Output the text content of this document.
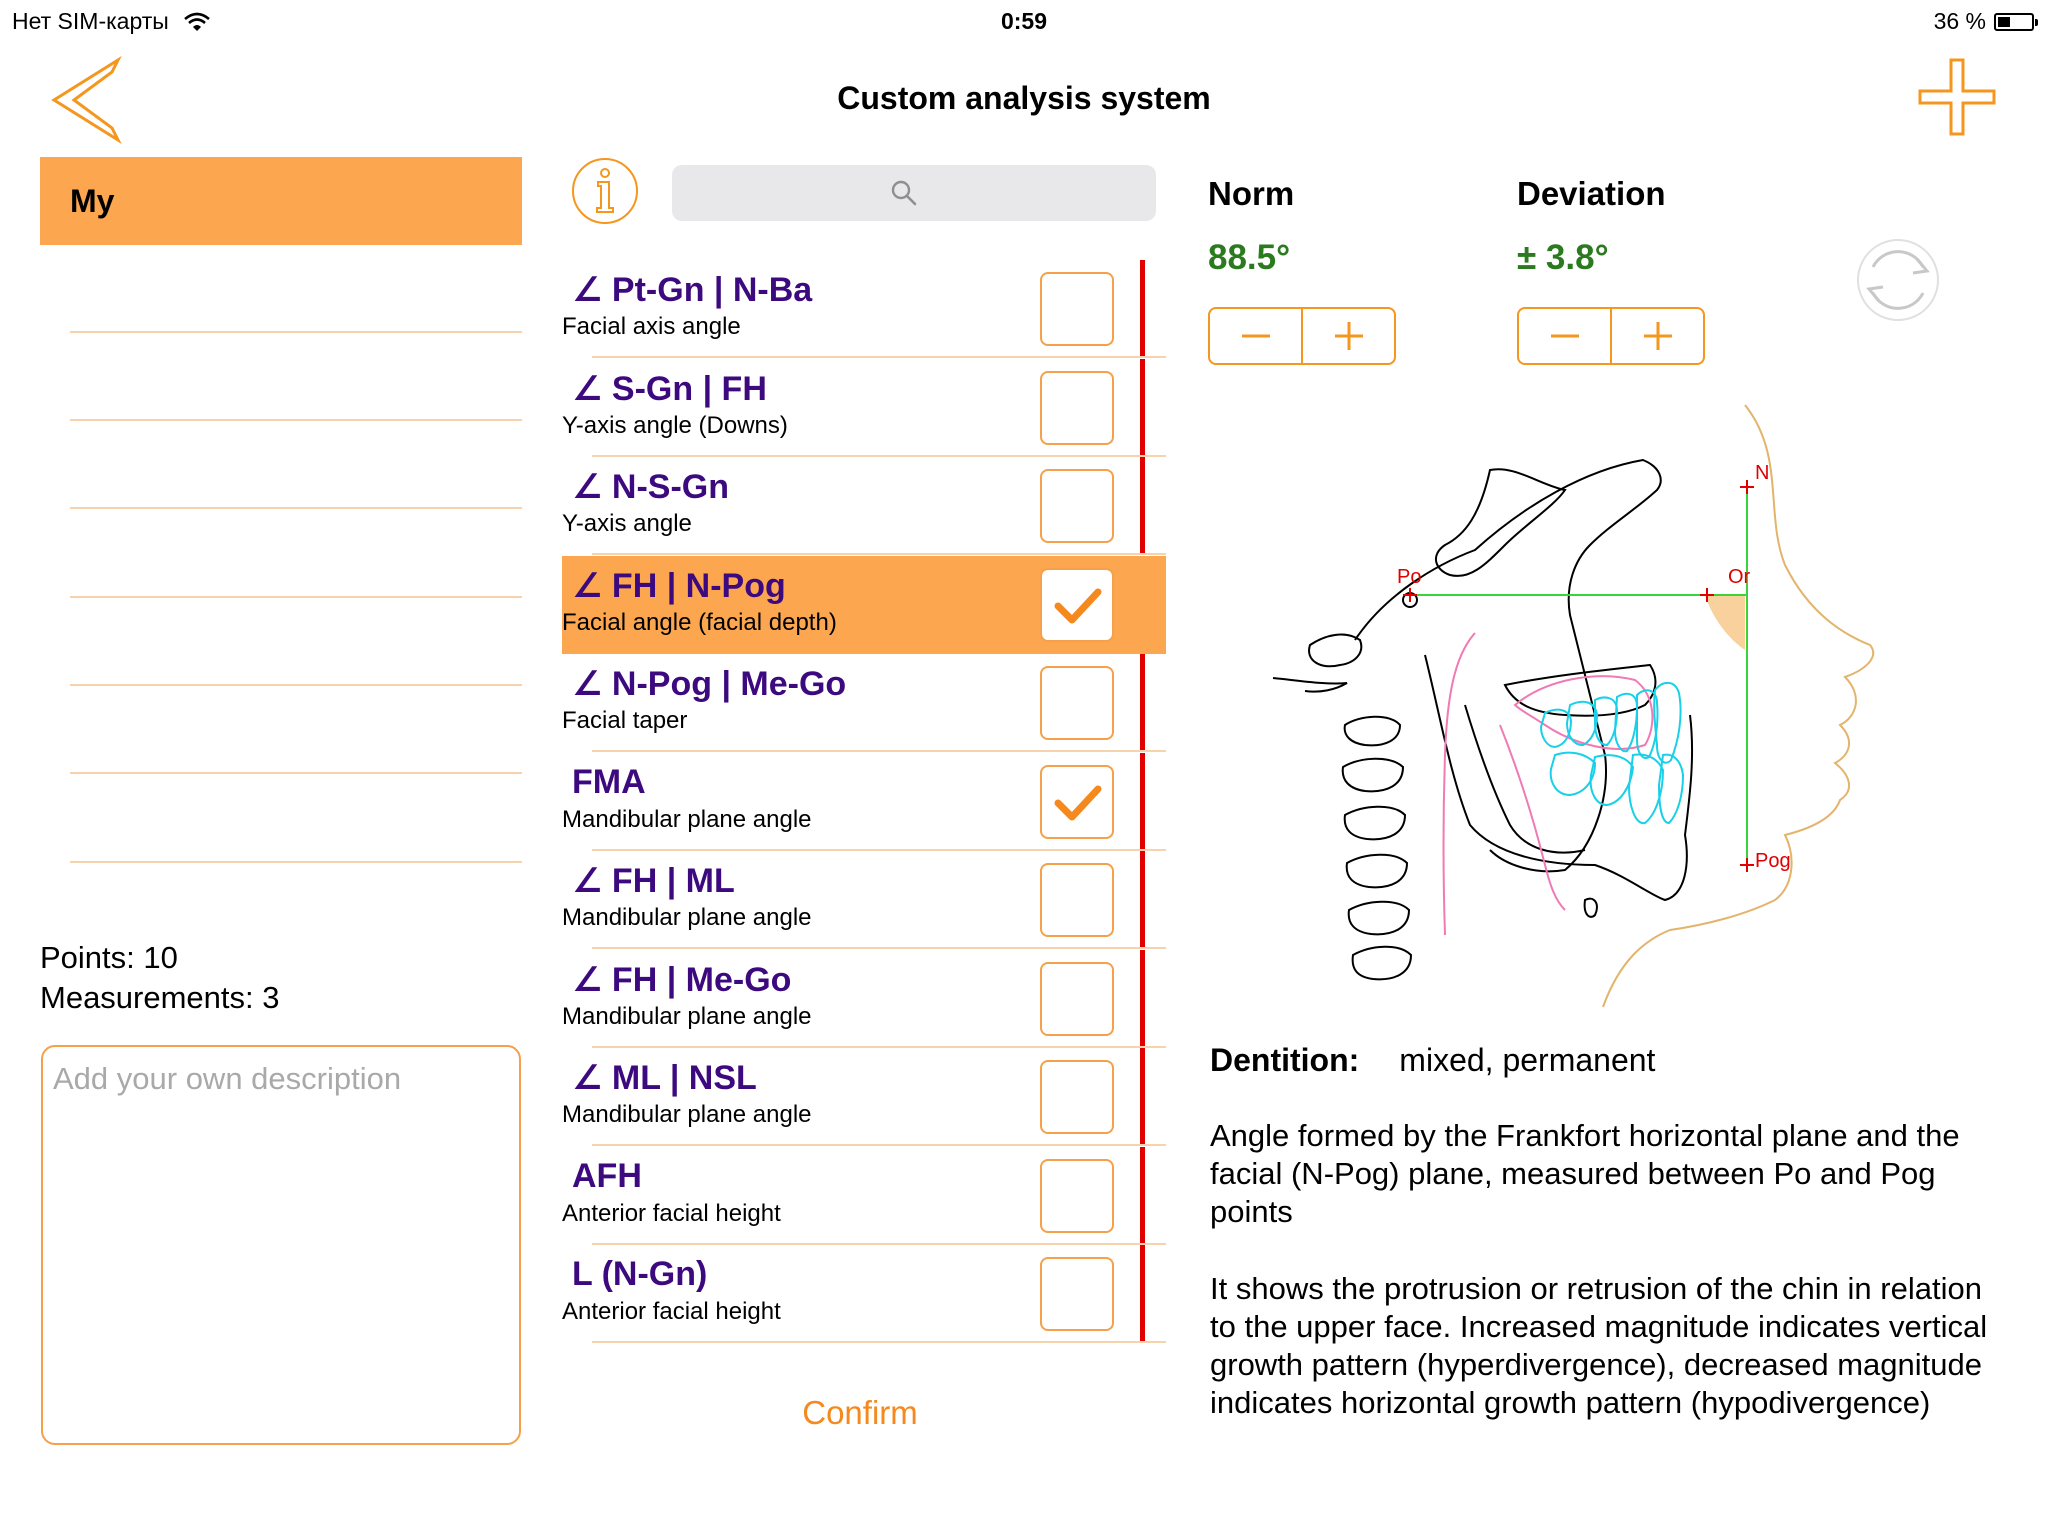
Нет SIM-карты	0:59	36 %
Custom analysis system
My
Points: 10
Measurements: 3
Add your own description
∠ Pt-Gn | N-Ba
Facial axis angle
∠ S-Gn | FH
Y-axis angle (Downs)
∠ N-S-Gn
Y-axis angle
∠ FH | N-Pog
Facial angle (facial depth)
∠ N-Pog | Me-Go
Facial taper
FMA
Mandibular plane angle
∠ FH | ML
Mandibular plane angle
∠ FH | Me-Go
Mandibular plane angle
∠ ML | NSL
Mandibular plane angle
AFH
Anterior facial height
L (N-Gn)
Anterior facial height
Confirm
Norm
88.5°
Deviation
± 3.8°
N
Po	Or
Pog
Dentition: mixed, permanent
Angle formed by the Frankfort horizontal plane and the facial (N-Pog) plane, measured between Po and Pog points
It shows the protrusion or retrusion of the chin in relation to the upper face. Increased magnitude indicates vertical growth pattern (hyperdivergence), decreased magnitude indicates horizontal growth pattern (hypodivergence)
